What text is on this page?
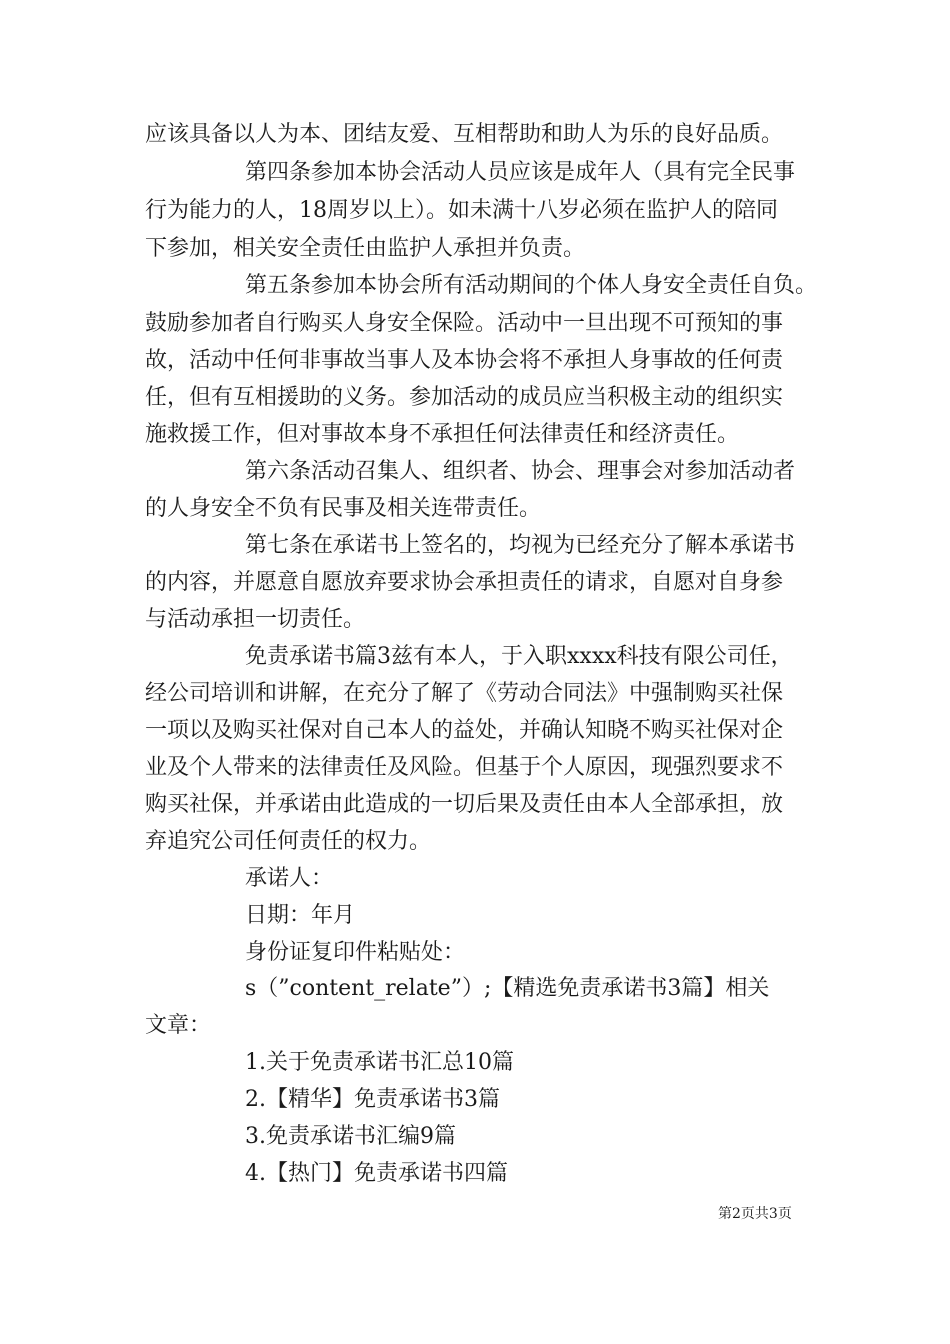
应该具备以人为本、团结友爱、互相帮助和助人为乐的良好品质。
第四条参加本协会活动人员应该是成年人（具有完全民事
行为能力的人，18周岁以上）。如未满十八岁必须在监护人的陪同
下参加，相关安全责任由监护人承担并负责。
第五条参加本协会所有活动期间的个体人身安全责任自负。
鼓励参加者自行购买人身安全保险。活动中一旦出现不可预知的事
故，活动中任何非事故当事人及本协会将不承担人身事故的任何责
任，但有互相援助的义务。参加活动的成员应当积极主动的组织实
施救援工作，但对事故本身不承担任何法律责任和经济责任。
第六条活动召集人、组织者、协会、理事会对参加活动者
的人身安全不负有民事及相关连带责任。
第七条在承诺书上签名的，均视为已经充分了解本承诺书
的内容，并愿意自愿放弃要求协会承担责任的请求，自愿对自身参
与活动承担一切责任。
免责承诺书篇3兹有本人，于入职xxxx科技有限公司任，
经公司培训和讲解，在充分了解了《劳动合同法》中强制购买社保
一项以及购买社保对自己本人的益处，并确认知晓不购买社保对企
业及个人带来的法律责任及风险。但基于个人原因，现强烈要求不
购买社保，并承诺由此造成的一切后果及责任由本人全部承担，放
弃追究公司任何责任的权力。
承诺人：
日期：年月
身份证复印件粘贴处：
s（”content_relate”）;【精选免责承诺书3篇】相关
文章：
1.关于免责承诺书汇总10篇
2.【精华】免责承诺书3篇
3.免责承诺书汇编9篇
4.【热门】免责承诺书四篇
第2页共3页
